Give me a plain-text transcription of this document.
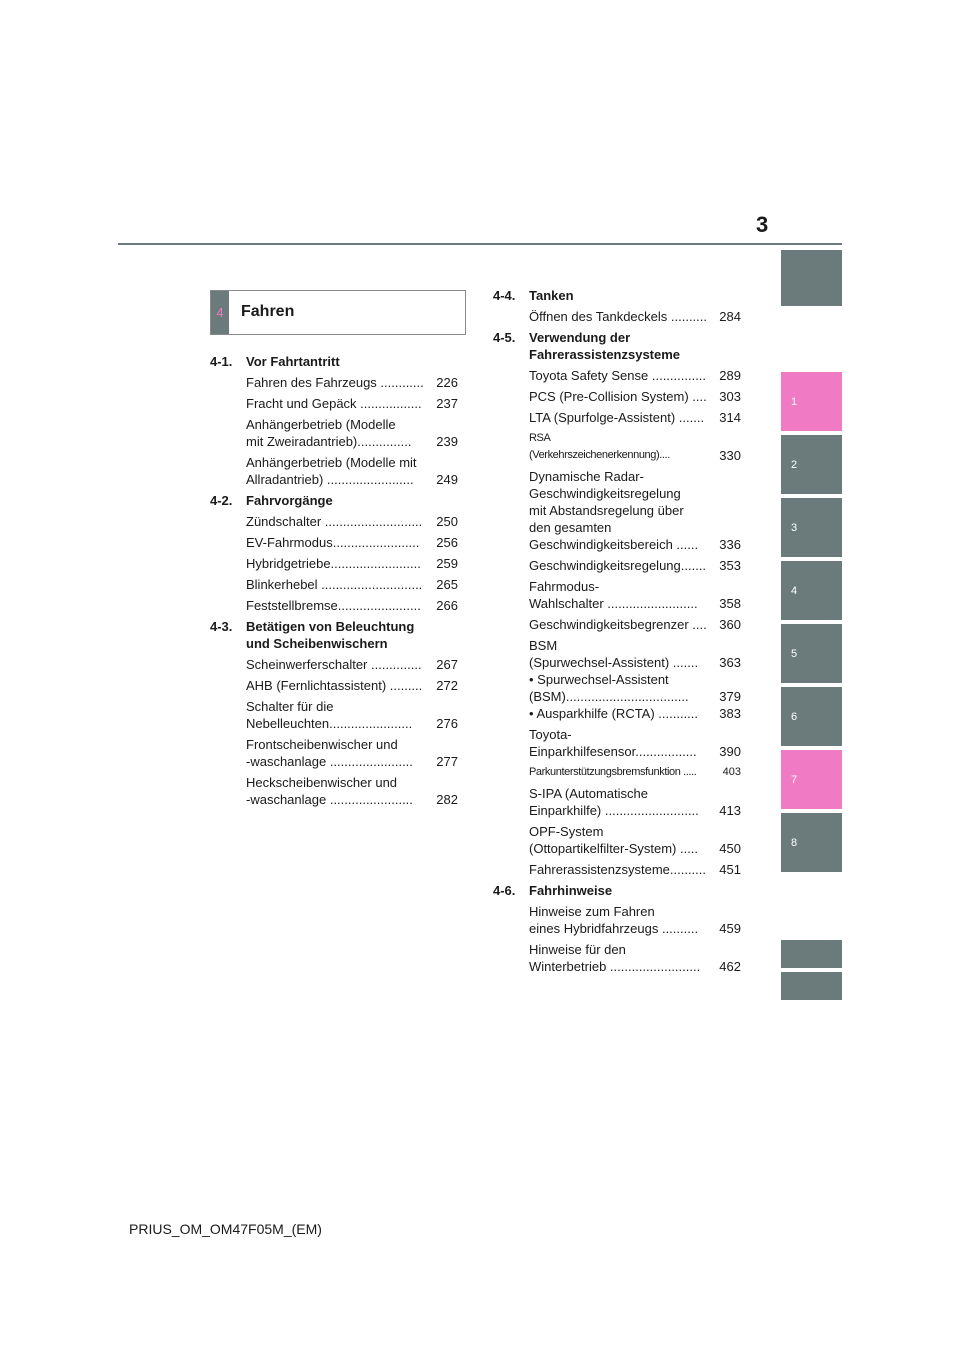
3
1
2
3
4
5
6
7
8
4	Fahren
4-1.	Vor Fahrtantritt
Fahren des Fahrzeugs ............ 226
Fracht und Gepäck .................	237
Anhängerbetrieb (Modelle
mit Zweiradantrieb)...............	239
Anhängerbetrieb (Modelle mit
Allradantrieb) ........................	249
4-2.	Fahrvorgänge
Zündschalter ...........................	250
EV-Fahrmodus........................	256
Hybridgetriebe.........................	259
Blinkerhebel ............................	265
Feststellbremse.......................	266
4-3.	Betätigen von Beleuchtung
und Scheibenwischern
Scheinwerferschalter ..............	267
AHB (Fernlichtassistent) .........	272
Schalter für die
Nebelleuchten.......................	276
Frontscheibenwischer und
-waschanlage .......................	277
Heckscheibenwischer und
-waschanlage .......................	282
4-4.	Tanken
Öffnen des Tankdeckels .......... 284
4-5.	Verwendung der
Fahrerassistenzsysteme
Toyota Safety Sense ...............	289
PCS (Pre-Collision System) .... 303
LTA (Spurfolge-Assistent) .......	314
RSA
(Verkehrszeichenerkennung)....	330
Dynamische Radar-
Geschwindigkeitsregelung
mit Abstandsregelung über
den gesamten
Geschwindigkeitsbereich ......	336
Geschwindigkeitsregelung.......	353
Fahrmodus-
Wahlschalter .........................	358
Geschwindigkeitsbegrenzer .... 360
BSM
(Spurwechsel-Assistent) .......	363
• Spurwechsel-Assistent
(BSM)..................................	379
• Ausparkhilfe (RCTA) ...........	383
Toyota-
Einparkhilfesensor.................	390
Parkunterstützungsbremsfunktion .....	403
S-IPA (Automatische
Einparkhilfe) ..........................	413
OPF-System
(Ottopartikelfilter-System) .....	450
Fahrerassistenzsysteme..........	451
4-6.	Fahrhinweise
Hinweise zum Fahren
eines Hybridfahrzeugs ..........	459
Hinweise für den
Winterbetrieb .........................	462
PRIUS_OM_OM47F05M_(EM)
